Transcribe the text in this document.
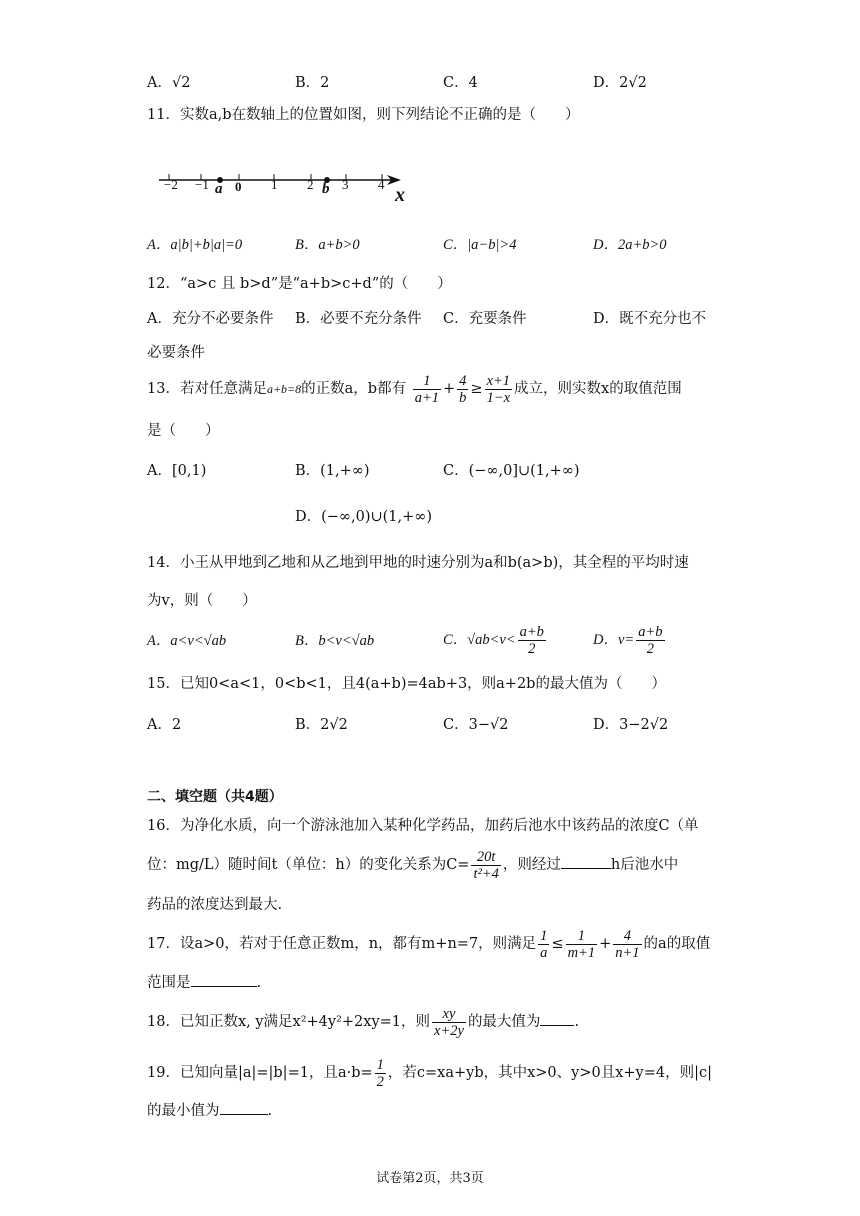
A．√2	B．2	C．4	D．2√2
11．实数a,b在数轴上的位置如图，则下列结论不正确的是（　　）
−2 −1 0 1 2 3 4
a	b	x
A．a|b|+b|a|=0	B．a+b>0	C．|a−b|>4	D．2a+b>0
12．“a>c 且 b>d”是“a+b>c+d”的（　　）
A．充分不必要条件 B．必要不充分条件 C．充要条件	D．既不充分也不
必要条件
13．若对任意满足a+b=8的正数a，b都有 $\frac{1}{a+1} + \frac{4}{b} \ge \frac{x+1}{1-x}$ 成立，则实数x的取值范围
是（　　）
A．[0,1)	B．(1,+∞)	C．(−∞,0]∪(1,+∞)
D．(−∞,0)∪(1,+∞)
14．小王从甲地到乙地和从乙地到甲地的时速分别为a和b(a>b)，其全程的平均时速
为v，则（　　）
A．a<v<√ab	B．b<v<√ab	C．$√ab<v< \frac{a+b}{2}$	D．$v= \frac{a+b}{2}$
15．已知0<a<1，0<b<1，且4(a+b)=4ab+3，则a+2b的最大值为（　　）
A．2	B．2√2	C．3−√2	D．3−2√2
二、填空题（共4题）
16．为净化水质，向一个游泳池加入某种化学药品，加药后池水中该药品的浓度C（单
位：mg/L）随时间t（单位：h）的变化关系为$C= \frac{20t}{\text{t²+4}}$ ，则经过	h后池水中
药品的浓度达到最大.
17．设a>0，若对于任意正数m，n，都有m+n=7，则满足 $\frac{1}{a} \le \frac{1}{m+1} + \frac{4}{n+1}$ 的a的取值
范围是	.
18．已知正数x, y满足x²+4y²+2xy=1，则 $\frac{xy}{x+2y}$ 的最大值为 .
19．已知向量|a|=|b|=1，且$a\cdot b= \frac{1}{2}$ ，若c=xa+yb，其中x>0、y>0且x+y=4，则|c|
的最小值为	.
试卷第2页，共3页
